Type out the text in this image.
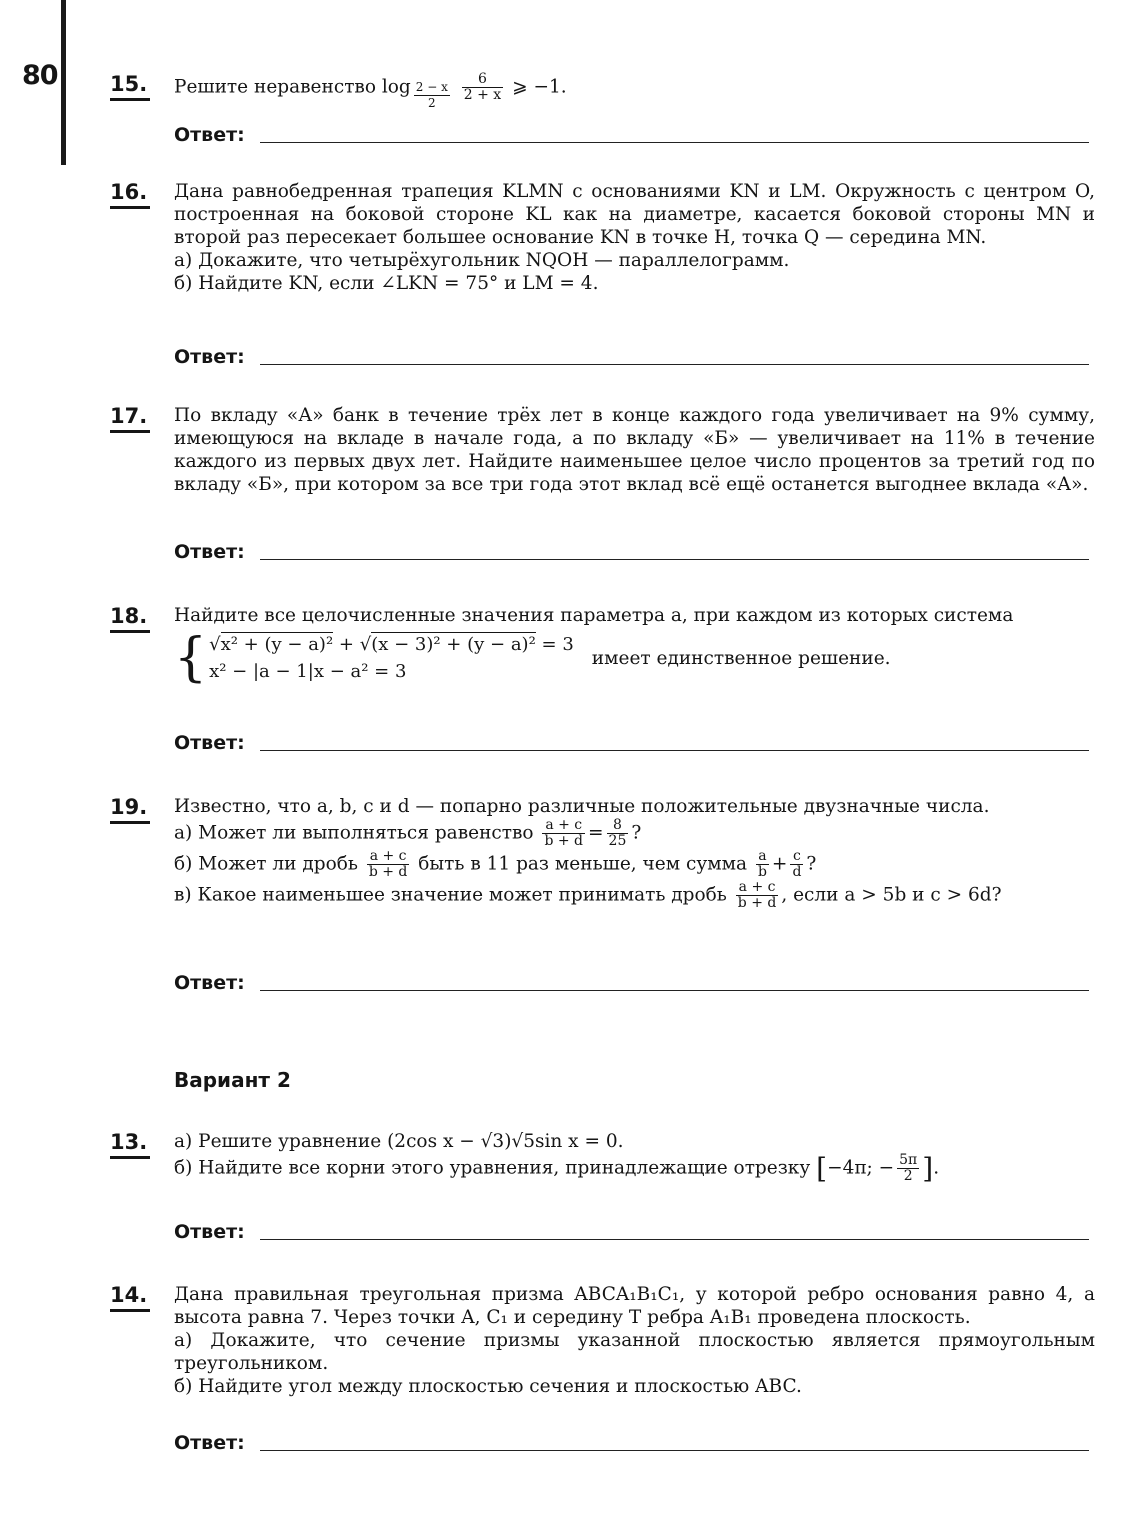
80 15. Решите неравенство $\log \frac{2 - x}{2}$
$\frac{6}{2 + x}$ ⩾ −1.
Ответ:
16. Дана равнобедренная трапеция KLMN с основаниями KN и LM. Окружность с центром O, построенная на боковой стороне KL как на диаметре, касается боковой стороны MN и второй раз пересекает большее основание KN в точке H, точка Q — середина MN.

а) Докажите, что четырёхугольник NQOH — параллелограмм.

б) Найдите KN, если ∠LKN = 75° и LM = 4.

Ответ:
17. По вкладу «А» банк в течение трёх лет в конце каждого года увеличивает на 9% сумму, имеющуюся на вкладе в начале года, а по вкладу «Б» — увеличивает на 11% в течение каждого из первых двух лет. Найдите наименьшее целое число процентов за третий год по вкладу «Б», при котором за все три года этот вклад всё ещё останется выгоднее вклада «А».

Ответ:
18. Найдите все целочисленные значения параметра a, при каждом из которых система

{ √x² + (y − a)² + √(x − 3)² + (y − a)² = 3
x² − |a − 1|x − a² = 3
имеет единственное решение.
Ответ:
19. Известно, что a, b, c и d — попарно различные положительные двузначные числа.

а) Может ли выполняться равенство $\frac{a + c}{b + d} = \frac{8}{25}$ ?

б) Может ли дробь $\frac{a + c}{b + d}$ быть в 11 раз меньше, чем сумма $\frac{a}{b} + \frac{c}{d}$ ?

в) Какое наименьшее значение может принимать дробь $\frac{a + c}{b + d}$ , если a > 5b и c > 6d?

Ответ:
Вариант 2
13. а) Решите уравнение (2cos x − √3)√5sin x = 0.

б) Найдите все корни этого уравнения, принадлежащие отрезку [−4π; − $\frac{5\pi}{2}$ ].

Ответ:
14. Дана правильная треугольная призма ABCA₁B₁C₁, у которой ребро основания равно 4, а высота равна 7. Через точки A, C₁ и середину T ребра A₁B₁ проведена плоскость.

а) Докажите, что сечение призмы указанной плоскостью является прямоугольным треугольником.

б) Найдите угол между плоскостью сечения и плоскостью ABC.

Ответ:
